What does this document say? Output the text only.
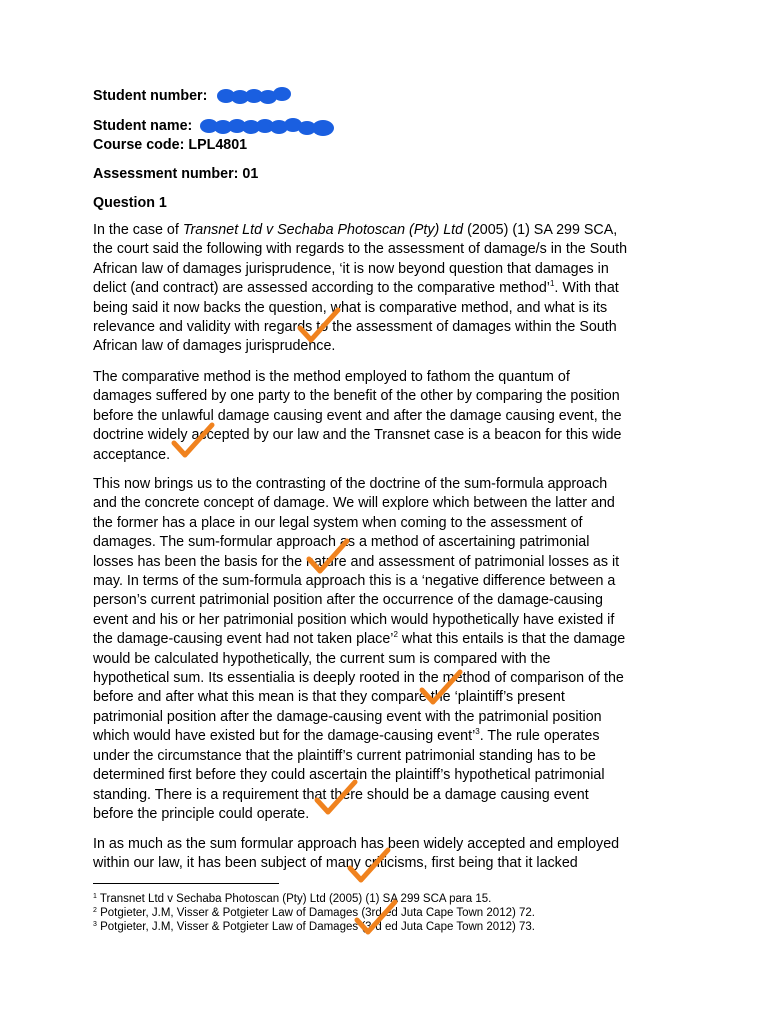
Student number:
Student name:
Course code: LPL4801
Assessment number: 01
Question 1
In the case of Transnet Ltd v Sechaba Photoscan (Pty) Ltd (2005) (1) SA 299 SCA,
the court said the following with regards to the assessment of damage/s in the South
African law of damages jurisprudence, ‘it is now beyond question that damages in
delict (and contract) are assessed according to the comparative method’$^1$. With that
being said it now backs the question, what is comparative method, and what is its
relevance and validity with regards to the assessment of damages within the South
African law of damages jurisprudence.
The comparative method is the method employed to fathom the quantum of
damages suffered by one party to the benefit of the other by comparing the position
before the unlawful damage causing event and after the damage causing event, the
doctrine widely accepted by our law and the Transnet case is a beacon for this wide
acceptance.
This now brings us to the contrasting of the doctrine of the sum-formula approach
and the concrete concept of damage. We will explore which between the latter and
the former has a place in our legal system when coming to the assessment of
damages. The sum-formular approach as a method of ascertaining patrimonial
losses has been the basis for the nature and assessment of patrimonial losses as it
may. In terms of the sum-formula approach this is a ‘negative difference between a
person’s current patrimonial position after the occurrence of the damage-causing
event and his or her patrimonial position which would hypothetically have existed if
the damage-causing event had not taken place’$^2$ what this entails is that the damage
would be calculated hypothetically, the current sum is compared with the
hypothetical sum. Its essentialia is deeply rooted in the method of comparison of the
before and after what this mean is that they compare the ‘plaintiff’s present
patrimonial position after the damage-causing event with the patrimonial position
which would have existed but for the damage-causing event’$^3$. The rule operates
under the circumstance that the plaintiff’s current patrimonial standing has to be
determined first before they could ascertain the plaintiff’s hypothetical patrimonial
standing. There is a requirement that there should be a damage causing event
before the principle could operate.
In as much as the sum formular approach has been widely accepted and employed
within our law, it has been subject of many criticisms, first being that it lacked
$^1$ Transnet Ltd v Sechaba Photoscan (Pty) Ltd (2005) (1) SA 299 SCA para 15.
$^2$ Potgieter, J.M, Visser & Potgieter Law of Damages (3rd ed Juta Cape Town 2012) 72.
$^3$ Potgieter, J.M, Visser & Potgieter Law of Damages (3rd ed Juta Cape Town 2012) 73.
